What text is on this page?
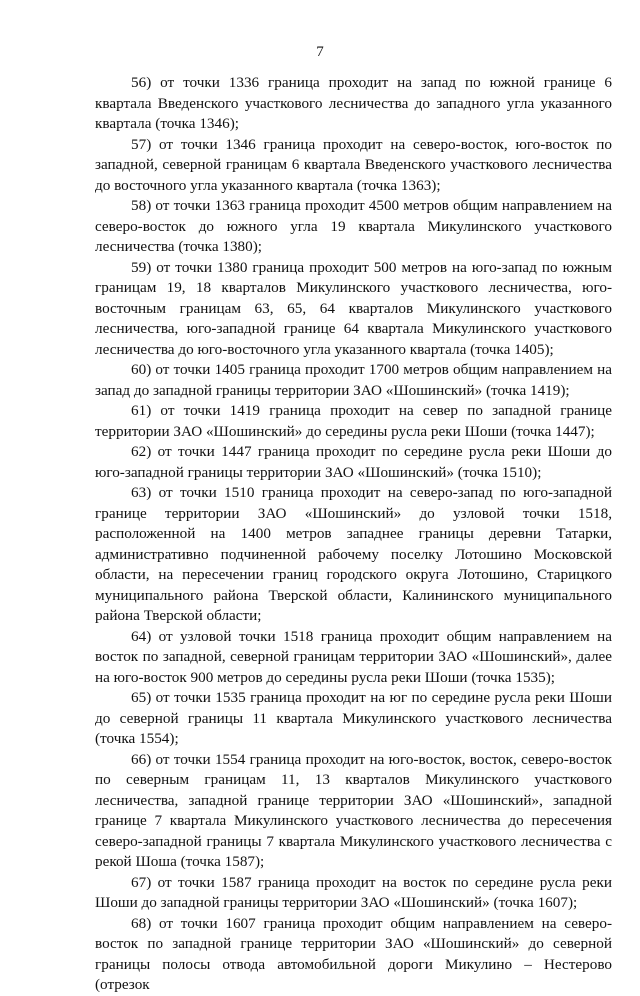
7

56) от точки 1336 граница проходит на запад по южной границе 6 квартала Введенского участкового лесничества до западного угла указанного квартала (точка 1346);

57) от точки 1346 граница проходит на северо-восток, юго-восток по западной, северной границам 6 квартала Введенского участкового лесничества до восточного угла указанного квартала (точка 1363);

58) от точки 1363 граница проходит 4500 метров общим направлением на северо-восток до южного угла 19 квартала Микулинского участкового лесничества (точка 1380);

59) от точки 1380 граница проходит 500 метров на юго-запад по южным границам 19, 18 кварталов Микулинского участкового лесничества, юго-восточным границам 63, 65, 64 кварталов Микулинского участкового лесничества, юго-западной границе 64 квартала Микулинского участкового лесничества до юго-восточного угла указанного квартала (точка 1405);

60) от точки 1405 граница проходит 1700 метров общим направлением на запад до западной границы территории ЗАО «Шошинский» (точка 1419);

61) от точки 1419 граница проходит на север по западной границе территории ЗАО «Шошинский» до середины русла реки Шоши (точка 1447);

62) от точки 1447 граница проходит по середине русла реки Шоши до юго-западной границы территории ЗАО «Шошинский» (точка 1510);

63) от точки 1510 граница проходит на северо-запад по юго-западной границе территории ЗАО «Шошинский» до узловой точки 1518, расположенной на 1400 метров западнее границы деревни Татарки, административно подчиненной рабочему поселку Лотошино Московской области, на пересечении границ городского округа Лотошино, Старицкого муниципального района Тверской области, Калининского муниципального района Тверской области;

64) от узловой точки 1518 граница проходит общим направлением на восток по западной, северной границам территории ЗАО «Шошинский», далее на юго-восток 900 метров до середины русла реки Шоши (точка 1535);

65) от точки 1535 граница проходит на юг по середине русла реки Шоши до северной границы 11 квартала Микулинского участкового лесничества (точка 1554);

66) от точки 1554 граница проходит на юго-восток, восток, северо-восток по северным границам 11, 13 кварталов Микулинского участкового лесничества, западной границе территории ЗАО «Шошинский», западной границе 7 квартала Микулинского участкового лесничества до пересечения северо-западной границы 7 квартала Микулинского участкового лесничества с рекой Шоша (точка 1587);

67) от точки 1587 граница проходит на восток по середине русла реки Шоши до западной границы территории ЗАО «Шошинский» (точка 1607);

68) от точки 1607 граница проходит общим направлением на северо-восток по западной границе территории ЗАО «Шошинский» до северной границы полосы отвода автомобильной дороги Микулино – Нестерово (отрезок
